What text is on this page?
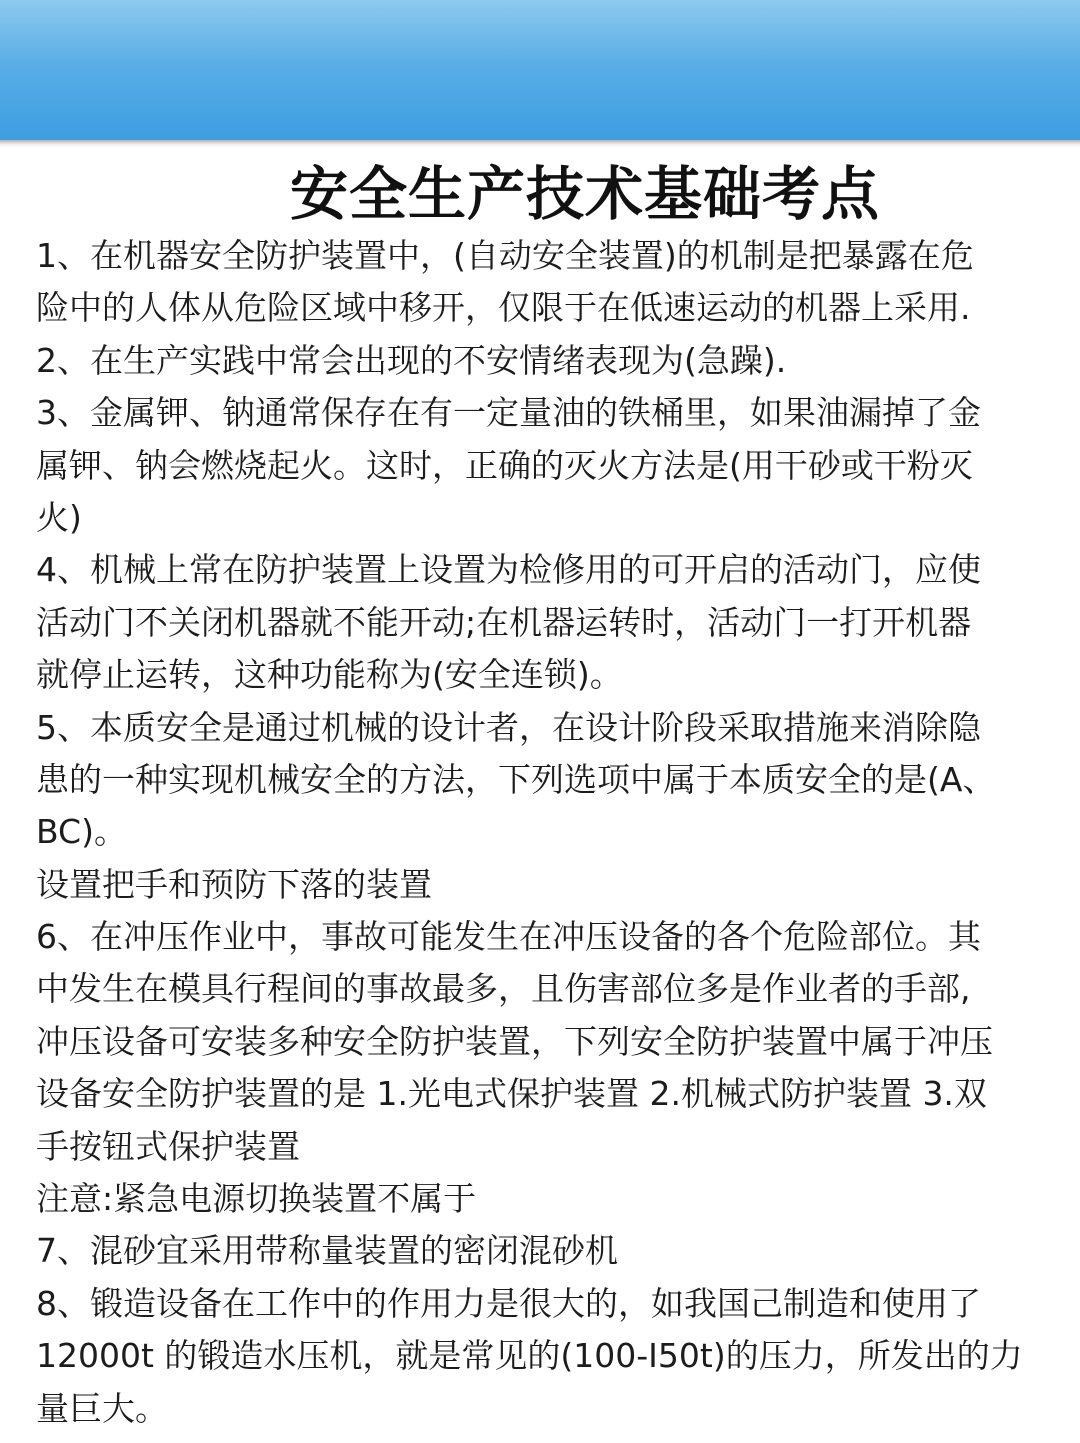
安全生产技术基础考点
1、在机器安全防护装置中，(自动安全装置)的机制是把暴露在危
险中的人体从危险区域中移开，仅限于在低速运动的机器上采用.
2、在生产实践中常会出现的不安情绪表现为(急躁).
3、金属钾、钠通常保存在有一定量油的铁桶里，如果油漏掉了金
属钾、钠会燃烧起火。这时，正确的灭火方法是(用干砂或干粉灭
火)
4、机械上常在防护装置上设置为检修用的可开启的活动门，应使
活动门不关闭机器就不能开动;在机器运转时，活动门一打开机器
就停止运转，这种功能称为(安全连锁)。
5、本质安全是通过机械的设计者，在设计阶段采取措施来消除隐
患的一种实现机械安全的方法，下列选项中属于本质安全的是(A、
BC)。
设置把手和预防下落的装置
6、在冲压作业中，事故可能发生在冲压设备的各个危险部位。其
中发生在模具行程间的事故最多，且伤害部位多是作业者的手部,
冲压设备可安装多种安全防护装置，下列安全防护装置中属于冲压
设备安全防护装置的是 1.光电式保护装置 2.机械式防护装置 3.双
手按钮式保护装置
注意:紧急电源切换装置不属于
7、混砂宜采用带称量装置的密闭混砂机
8、锻造设备在工作中的作用力是很大的，如我国己制造和使用了
12000t 的锻造水压机，就是常见的(100-I50t)的压力，所发出的力
量巨大。
